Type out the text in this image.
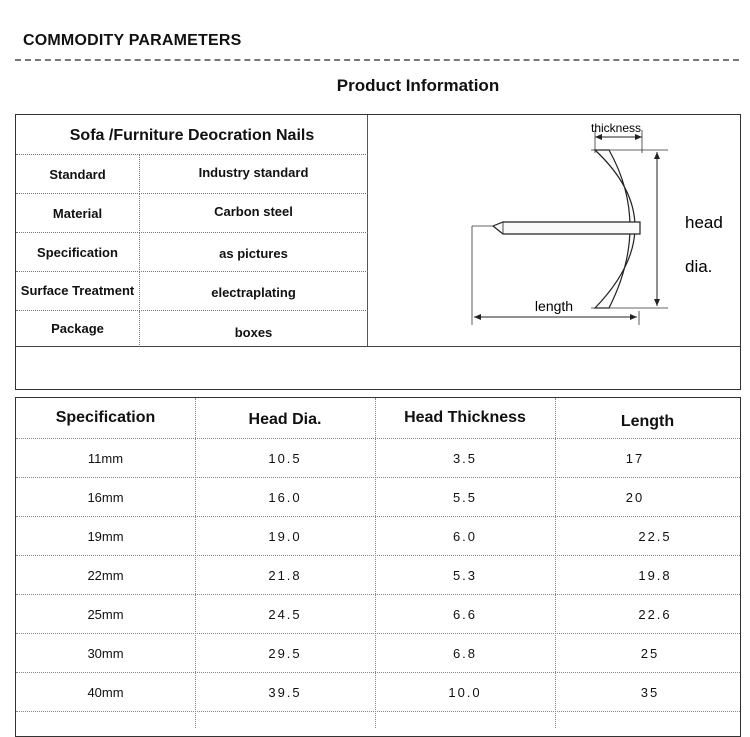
COMMODITY PARAMETERS
Product Information
Sofa /Furniture Deocration Nails
Standard	Industry standard
Material	Carbon steel
Specification	as pictures
Surface Treatment	electraplating
Package	boxes
thickness
head
dia.
length
Specification	Head Dia.	Head Thickness	Length
11mm	10.5	3.5	17
16mm	16.0	5.5	20
19mm	19.0	6.0	22.5
22mm	21.8	5.3	19.8
25mm	24.5	6.6	22.6
30mm	29.5	6.8	25
40mm	39.5	10.0	35
